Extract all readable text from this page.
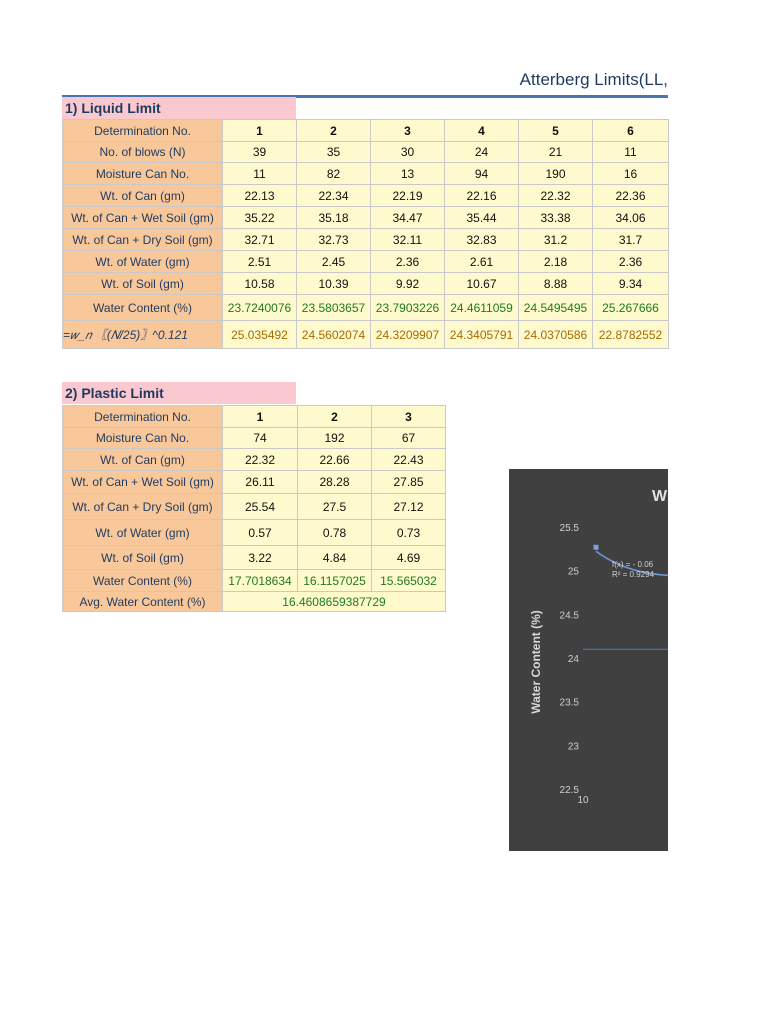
Atterberg Limits(LL,
1) Liquid Limit
Determination No.	1	2	3	4	5	6
No. of blows (N)	39	35	30	24	21	11
Moisture Can No.	11	82	13	94	190	16
Wt. of Can (gm)	22.13	22.34	22.19	22.16	22.32	22.36
Wt. of Can + Wet Soil (gm)	35.22	35.18	34.47	35.44	33.38	34.06
Wt. of Can + Dry Soil (gm)	32.71	32.73	32.11	32.83	31.2	31.7
Wt. of Water (gm)	2.51	2.45	2.36	2.61	2.18	2.36
Wt. of Soil (gm)	10.58	10.39	9.92	10.67	8.88	9.34
Water Content (%)	23.7240076	23.5803657	23.7903226	24.4611059	24.5495495	25.267666
=𝑤_𝑛 〖(𝑁/25)〗^0.121	25.035492	24.5602074	24.3209907	24.3405791	24.0370586	22.8782552
2) Plastic Limit
Determination No.	1	2	3
Moisture Can No.	74	192	67
Wt. of Can (gm)	22.32	22.66	22.43
Wt. of Can + Wet Soil (gm)	26.11	28.28	27.85
Wt. of Can + Dry Soil (gm)	25.54	27.5	27.12
Wt. of Water (gm)	0.57	0.78	0.73
Wt. of Soil (gm)	3.22	4.84	4.69
Water Content (%)	17.7018634	16.1157025	15.565032
Avg. Water Content (%)	16.4608659387729		
W
Water Content (%)
25.5
25
24.5
24
23.5
23
22.5
10
f(x) = - 0.06
R² = 0.9294
